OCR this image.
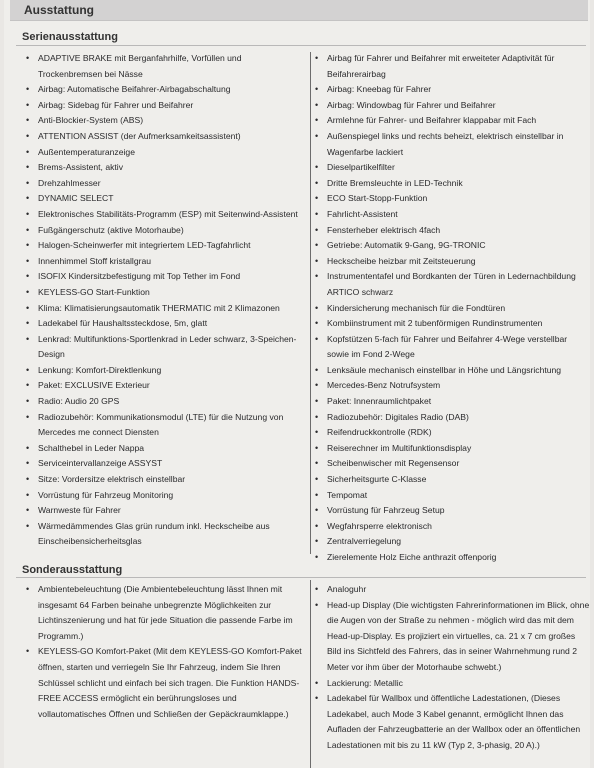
Ausstattung
Serienausstattung
• ADAPTIVE BRAKE mit Berganfahrhilfe, Vorfüllen und
Trockenbremsen bei Nässe
• Airbag: Automatische Beifahrer-Airbagabschaltung
• Airbag: Sidebag für Fahrer und Beifahrer
• Anti-Blockier-System (ABS)
• ATTENTION ASSIST (der Aufmerksamkeitsassistent)
• Außentemperaturanzeige
• Brems-Assistent, aktiv
• Drehzahlmesser
• DYNAMIC SELECT
• Elektronisches Stabilitäts-Programm (ESP) mit Seitenwind-Assistent
• Fußgängerschutz (aktive Motorhaube)
• Halogen-Scheinwerfer mit integriertem LED-Tagfahrlicht
• Innenhimmel Stoff kristallgrau
• ISOFIX Kindersitzbefestigung mit Top Tether im Fond
• KEYLESS-GO Start-Funktion
• Klima: Klimatisierungsautomatik THERMATIC mit 2 Klimazonen
• Ladekabel für Haushaltssteckdose, 5m, glatt
• Lenkrad: Multifunktions-Sportlenkrad in Leder schwarz, 3-Speichen-
Design
• Lenkung: Komfort-Direktlenkung
• Paket: EXCLUSIVE Exterieur
• Radio: Audio 20 GPS
• Radiozubehör: Kommunikationsmodul (LTE) für die Nutzung von
Mercedes me connect Diensten
• Schalthebel in Leder Nappa
• Serviceintervallanzeige ASSYST
• Sitze: Vordersitze elektrisch einstellbar
• Vorrüstung für Fahrzeug Monitoring
• Warnweste für Fahrer
• Wärmedämmendes Glas grün rundum inkl. Heckscheibe aus
Einscheibensicherheitsglas
• Airbag für Fahrer und Beifahrer mit erweiteter Adaptivität für
Beifahrerairbag
• Airbag: Kneebag für Fahrer
• Airbag: Windowbag für Fahrer und Beifahrer
• Armlehne für Fahrer- und Beifahrer klappabar mit Fach
• Außenspiegel links und rechts beheizt, elektrisch einstellbar in
Wagenfarbe lackiert
• Dieselpartikelfilter
• Dritte Bremsleuchte in LED-Technik
• ECO Start-Stopp-Funktion
• Fahrlicht-Assistent
• Fensterheber elektrisch 4fach
• Getriebe: Automatik 9-Gang, 9G-TRONIC
• Heckscheibe heizbar mit Zeitsteuerung
• Instrumententafel und Bordkanten der Türen in Ledernachbildung
ARTICO schwarz
• Kindersicherung mechanisch für die Fondtüren
• Kombiinstrument mit 2 tubenförmigen Rundinstrumenten
• Kopfstützen 5-fach für Fahrer und Beifahrer 4-Wege verstellbar
sowie im Fond 2-Wege
• Lenksäule mechanisch einstellbar in Höhe und Längsrichtung
• Mercedes-Benz Notrufsystem
• Paket: Innenraumlichtpaket
• Radiozubehör: Digitales Radio (DAB)
• Reifendruckkontrolle (RDK)
• Reiserechner im Multifunktionsdisplay
• Scheibenwischer mit Regensensor
• Sicherheitsgurte C-Klasse
• Tempomat
• Vorrüstung für Fahrzeug Setup
• Wegfahrsperre elektronisch
• Zentralverriegelung
• Zierelemente Holz Eiche anthrazit offenporig
Sonderausstattung
• Ambientebeleuchtung (Die Ambientebeleuchtung lässt Ihnen mit
insgesamt 64 Farben beinahe unbegrenzte Möglichkeiten zur
Lichtinszenierung und hat für jede Situation die passende Farbe im
Programm.)
• KEYLESS-GO Komfort-Paket (Mit dem KEYLESS-GO Komfort-Paket
öffnen, starten und verriegeln Sie Ihr Fahrzeug, indem Sie Ihren
Schlüssel schlicht und einfach bei sich tragen. Die Funktion HANDS-
FREE ACCESS ermöglicht ein berührungsloses und
vollautomatisches Öffnen und Schließen der Gepäckraumklappe.)
• Analoguhr
• Head-up Display (Die wichtigsten Fahrerinformationen im Blick, ohne
die Augen von der Straße zu nehmen - möglich wird das mit dem
Head-up-Display. Es projiziert ein virtuelles, ca. 21 x 7 cm großes
Bild ins Sichtfeld des Fahrers, das in seiner Wahrnehmung rund 2
Meter vor ihm über der Motorhaube schwebt.)
• Lackierung: Metallic
• Ladekabel für Wallbox und öffentliche Ladestationen, (Dieses
Ladekabel, auch Mode 3 Kabel genannt, ermöglicht Ihnen das
Aufladen der Fahrzeugbatterie an der Wallbox oder an öffentlichen
Ladestationen mit bis zu 11 kW (Typ 2, 3-phasig, 20 A).)
